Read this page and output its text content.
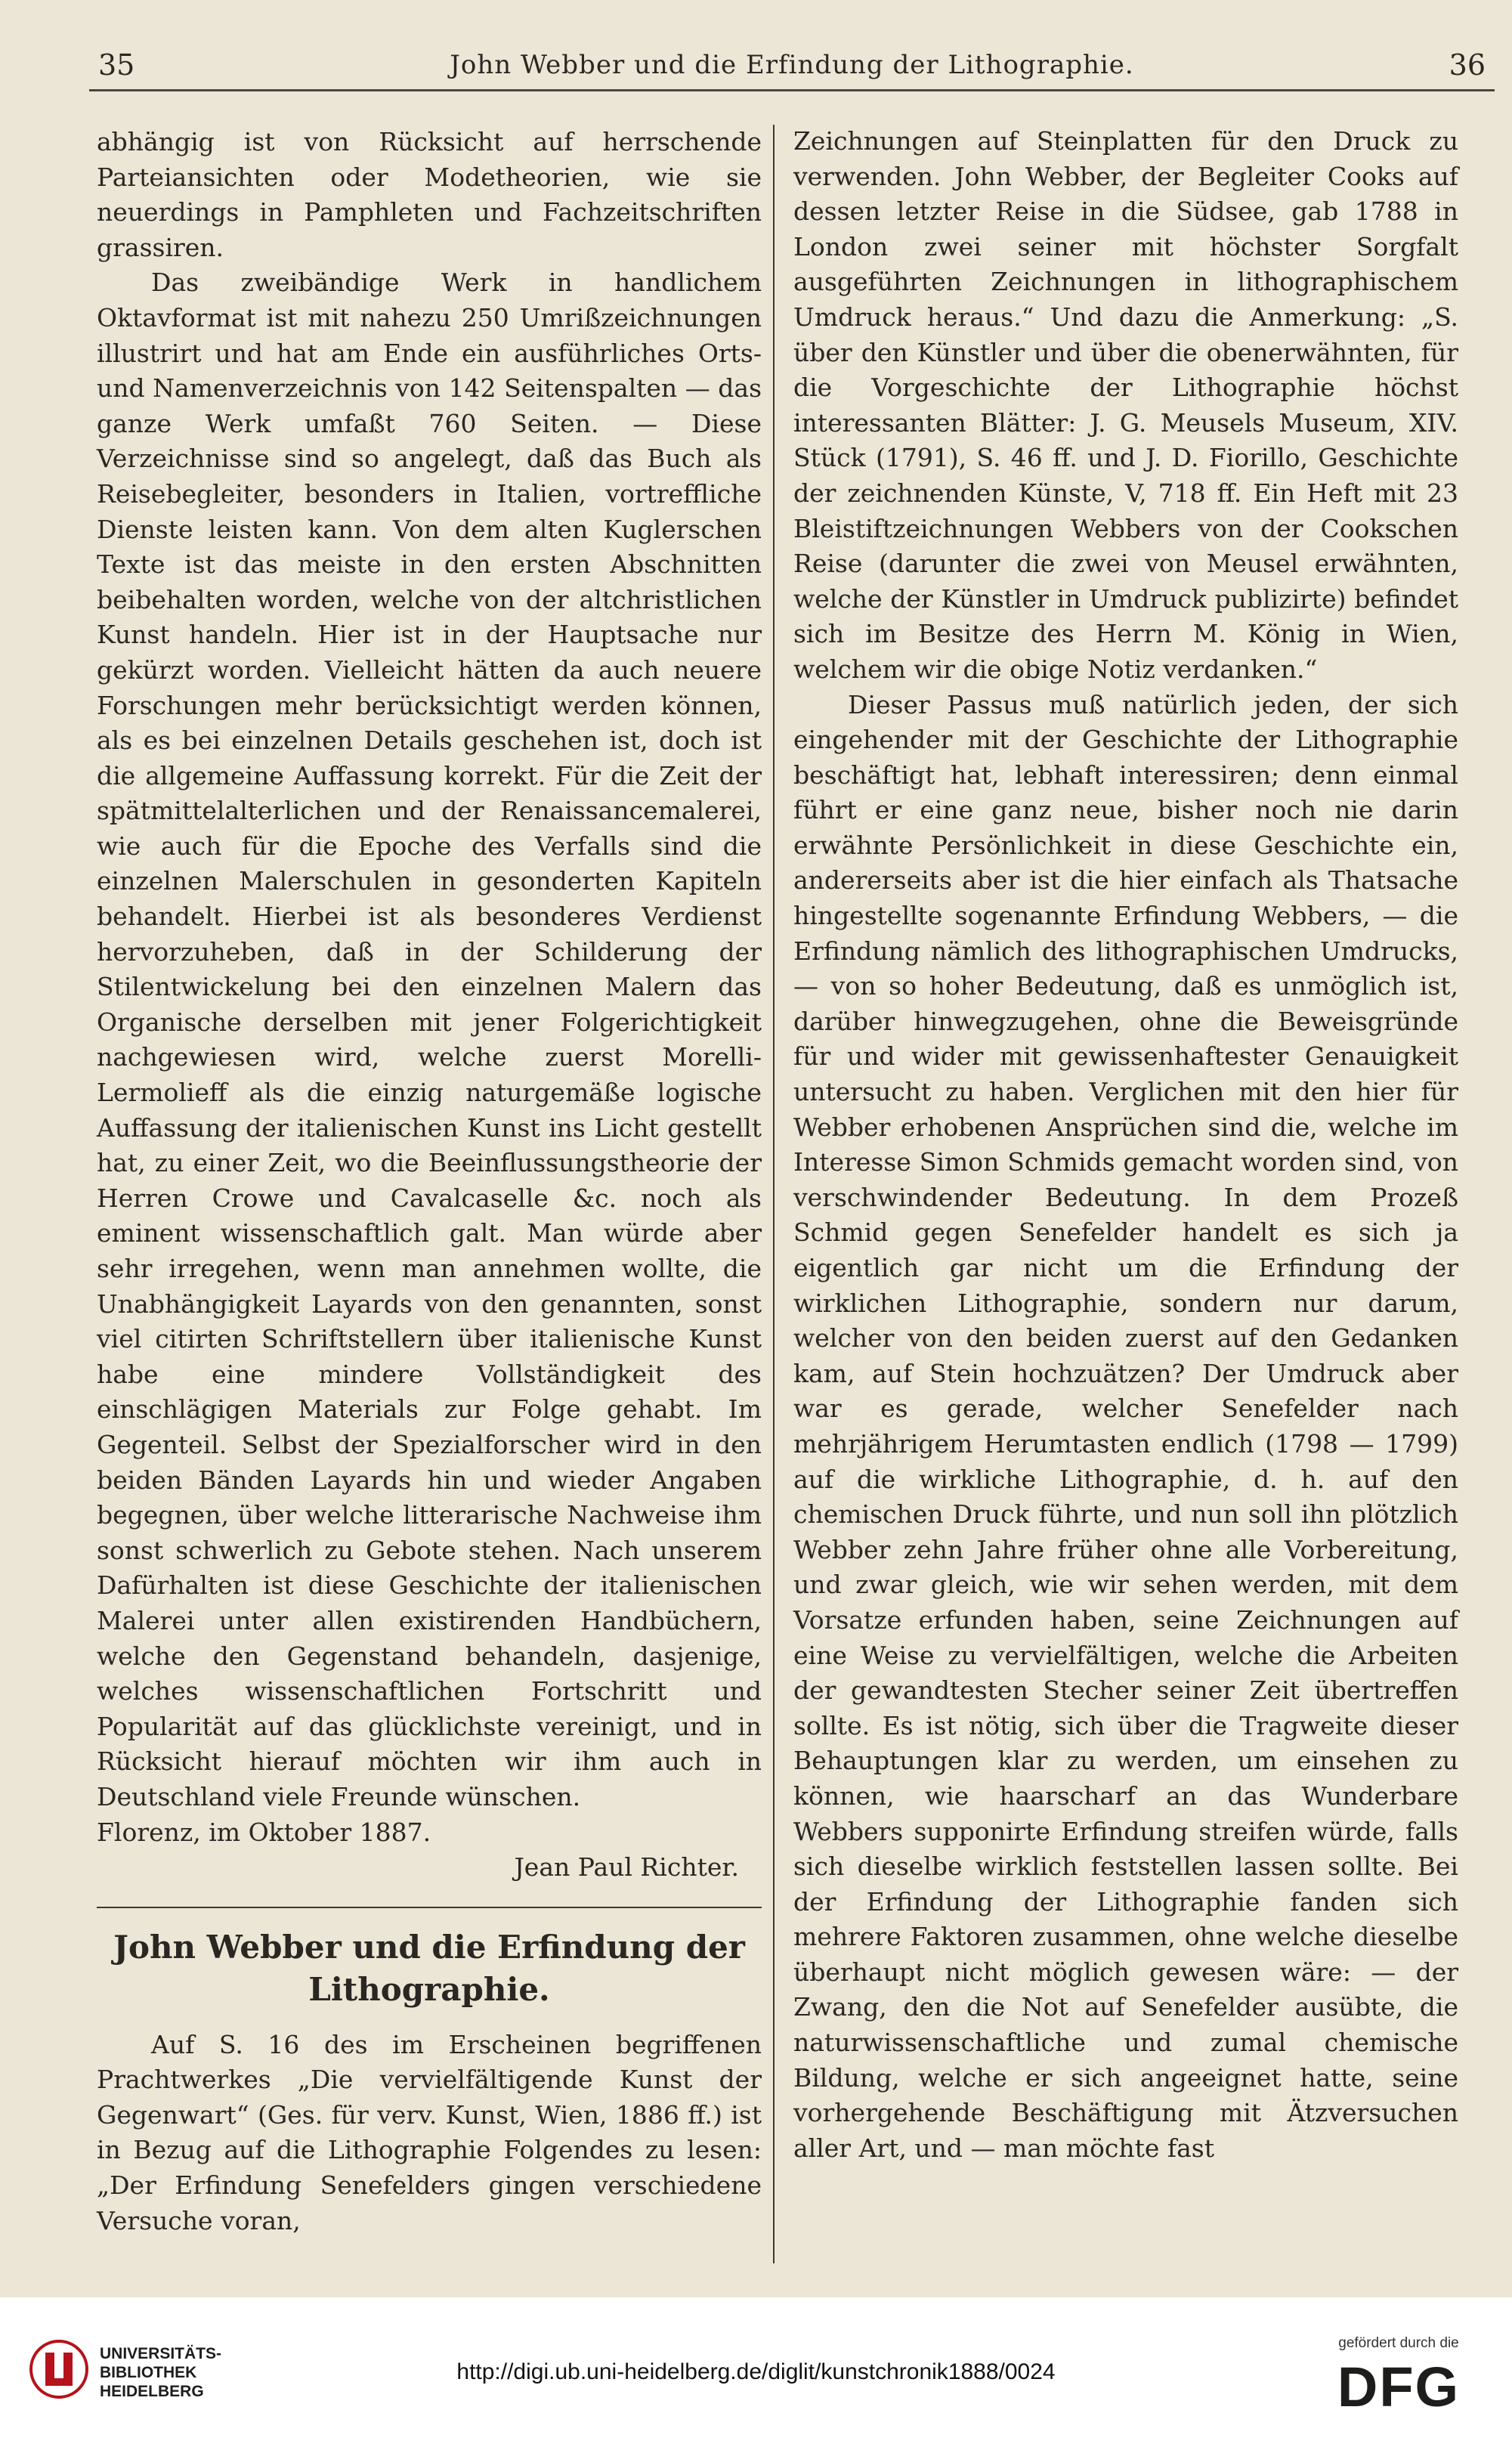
35	John Webber und die Erfindung der Lithographie.	36

abhängig ist von Rücksicht auf herrschende Parteiansichten oder Modetheorien, wie sie neuerdings in Pamphleten und Fachzeitschriften grassiren.

Das zweibändige Werk in handlichem Oktavformat ist mit nahezu 250 Umrißzeichnungen illustrirt und hat am Ende ein ausführliches Orts- und Namenverzeichnis von 142 Seitenspalten — das ganze Werk umfaßt 760 Seiten. — Diese Verzeichnisse sind so angelegt, daß das Buch als Reisebegleiter, besonders in Italien, vortreffliche Dienste leisten kann. Von dem alten Kuglerschen Texte ist das meiste in den ersten Abschnitten beibehalten worden, welche von der altchristlichen Kunst handeln. Hier ist in der Hauptsache nur gekürzt worden. Vielleicht hätten da auch neuere Forschungen mehr berücksichtigt werden können, als es bei einzelnen Details geschehen ist, doch ist die allgemeine Auffassung korrekt. Für die Zeit der spätmittelalterlichen und der Renaissancemalerei, wie auch für die Epoche des Verfalls sind die einzelnen Malerschulen in gesonderten Kapiteln behandelt. Hierbei ist als besonderes Verdienst hervorzuheben, daß in der Schilderung der Stilentwickelung bei den einzelnen Malern das Organische derselben mit jener Folgerichtigkeit nachgewiesen wird, welche zuerst Morelli-Lermolieff als die einzig naturgemäße logische Auffassung der italienischen Kunst ins Licht gestellt hat, zu einer Zeit, wo die Beeinflussungstheorie der Herren Crowe und Cavalcaselle &c. noch als eminent wissenschaftlich galt. Man würde aber sehr irregehen, wenn man annehmen wollte, die Unabhängigkeit Layards von den genannten, sonst viel citirten Schriftstellern über italienische Kunst habe eine mindere Vollständigkeit des einschlägigen Materials zur Folge gehabt. Im Gegenteil. Selbst der Spezialforscher wird in den beiden Bänden Layards hin und wieder Angaben begegnen, über welche litterarische Nachweise ihm sonst schwerlich zu Gebote stehen. Nach unserem Dafürhalten ist diese Geschichte der italienischen Malerei unter allen existirenden Handbüchern, welche den Gegenstand behandeln, dasjenige, welches wissenschaftlichen Fortschritt und Popularität auf das glücklichste vereinigt, und in Rücksicht hierauf möchten wir ihm auch in Deutschland viele Freunde wünschen.

Florenz, im Oktober 1887.

Jean Paul Richter.

John Webber und die Erfindung der Lithographie.

Auf S. 16 des im Erscheinen begriffenen Prachtwerkes „Die vervielfältigende Kunst der Gegenwart“ (Ges. für verv. Kunst, Wien, 1886 ff.) ist in Bezug auf die Lithographie Folgendes zu lesen: „Der Erfindung Senefelders gingen verschiedene Versuche voran,

Zeichnungen auf Steinplatten für den Druck zu verwenden. John Webber, der Begleiter Cooks auf dessen letzter Reise in die Südsee, gab 1788 in London zwei seiner mit höchster Sorgfalt ausgeführten Zeichnungen in lithographischem Umdruck heraus.“ Und dazu die Anmerkung: „S. über den Künstler und über die obenerwähnten, für die Vorgeschichte der Lithographie höchst interessanten Blätter: J. G. Meusels Museum, XIV. Stück (1791), S. 46 ff. und J. D. Fiorillo, Geschichte der zeichnenden Künste, V, 718 ff. Ein Heft mit 23 Bleistiftzeichnungen Webbers von der Cookschen Reise (darunter die zwei von Meusel erwähnten, welche der Künstler in Umdruck publizirte) befindet sich im Besitze des Herrn M. König in Wien, welchem wir die obige Notiz verdanken.“

Dieser Passus muß natürlich jeden, der sich eingehender mit der Geschichte der Lithographie beschäftigt hat, lebhaft interessiren; denn einmal führt er eine ganz neue, bisher noch nie darin erwähnte Persönlichkeit in diese Geschichte ein, andererseits aber ist die hier einfach als Thatsache hingestellte sogenannte Erfindung Webbers, — die Erfindung nämlich des lithographischen Umdrucks, — von so hoher Bedeutung, daß es unmöglich ist, darüber hinwegzugehen, ohne die Beweisgründe für und wider mit gewissenhaftester Genauigkeit untersucht zu haben. Verglichen mit den hier für Webber erhobenen Ansprüchen sind die, welche im Interesse Simon Schmids gemacht worden sind, von verschwindender Bedeutung. In dem Prozeß Schmid gegen Senefelder handelt es sich ja eigentlich gar nicht um die Erfindung der wirklichen Lithographie, sondern nur darum, welcher von den beiden zuerst auf den Gedanken kam, auf Stein hochzuätzen? Der Umdruck aber war es gerade, welcher Senefelder nach mehrjährigem Herumtasten endlich (1798 — 1799) auf die wirkliche Lithographie, d. h. auf den chemischen Druck führte, und nun soll ihn plötzlich Webber zehn Jahre früher ohne alle Vorbereitung, und zwar gleich, wie wir sehen werden, mit dem Vorsatze erfunden haben, seine Zeichnungen auf eine Weise zu vervielfältigen, welche die Arbeiten der gewandtesten Stecher seiner Zeit übertreffen sollte. Es ist nötig, sich über die Tragweite dieser Behauptungen klar zu werden, um einsehen zu können, wie haarscharf an das Wunderbare Webbers supponirte Erfindung streifen würde, falls sich dieselbe wirklich feststellen lassen sollte. Bei der Erfindung der Lithographie fanden sich mehrere Faktoren zusammen, ohne welche dieselbe überhaupt nicht möglich gewesen wäre: — der Zwang, den die Not auf Senefelder ausübte, die naturwissenschaftliche und zumal chemische Bildung, welche er sich angeeignet hatte, seine vorhergehende Beschäftigung mit Ätzversuchen aller Art, und — man möchte fast

UNIVERSITÄTS-
BIBLIOTHEK
HEIDELBERG
http://digi.ub.uni-heidelberg.de/diglit/kunstchronik1888/0024
gefördert durch die
DFG
